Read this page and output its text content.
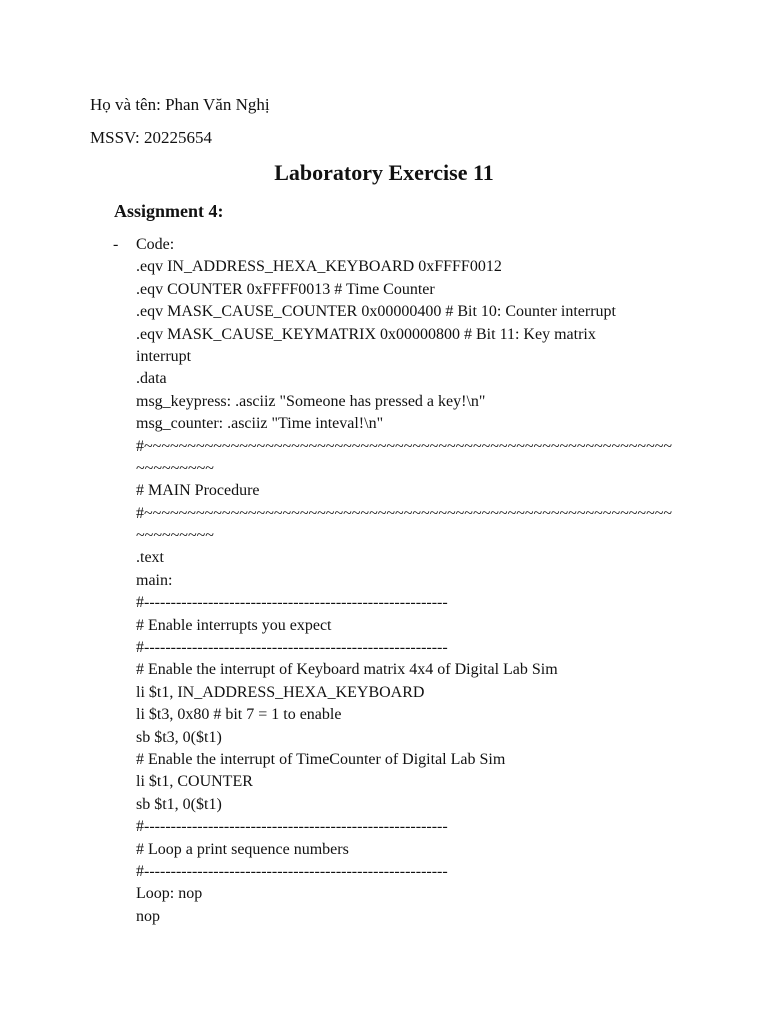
Họ và tên: Phan Văn Nghị
MSSV: 20225654
Laboratory Exercise 11
Assignment 4:
- Code:
.eqv IN_ADDRESS_HEXA_KEYBOARD 0xFFFF0012
.eqv COUNTER 0xFFFF0013 # Time Counter
.eqv MASK_CAUSE_COUNTER 0x00000400 # Bit 10: Counter interrupt
.eqv MASK_CAUSE_KEYMATRIX 0x00000800 # Bit 11: Key matrix
interrupt
.data
msg_keypress: .asciiz "Someone has pressed a key!\n"
msg_counter: .asciiz "Time inteval!\n"
#~~~~~~~~~~~~~~~~~~~~~~~~~~~~~~~~~~~~~~~~~~~~~~~~~~~~~~~~~~~~~
~~~~~~~~~
# MAIN Procedure
#~~~~~~~~~~~~~~~~~~~~~~~~~~~~~~~~~~~~~~~~~~~~~~~~~~~~~~~~~~~~~
~~~~~~~~~
.text
main:
#---------------------------------------------------------
# Enable interrupts you expect
#---------------------------------------------------------
# Enable the interrupt of Keyboard matrix 4x4 of Digital Lab Sim
li $t1, IN_ADDRESS_HEXA_KEYBOARD
li $t3, 0x80 # bit 7 = 1 to enable
sb $t3, 0($t1)
# Enable the interrupt of TimeCounter of Digital Lab Sim
li $t1, COUNTER
sb $t1, 0($t1)
#---------------------------------------------------------
# Loop a print sequence numbers
#---------------------------------------------------------
Loop: nop
nop
